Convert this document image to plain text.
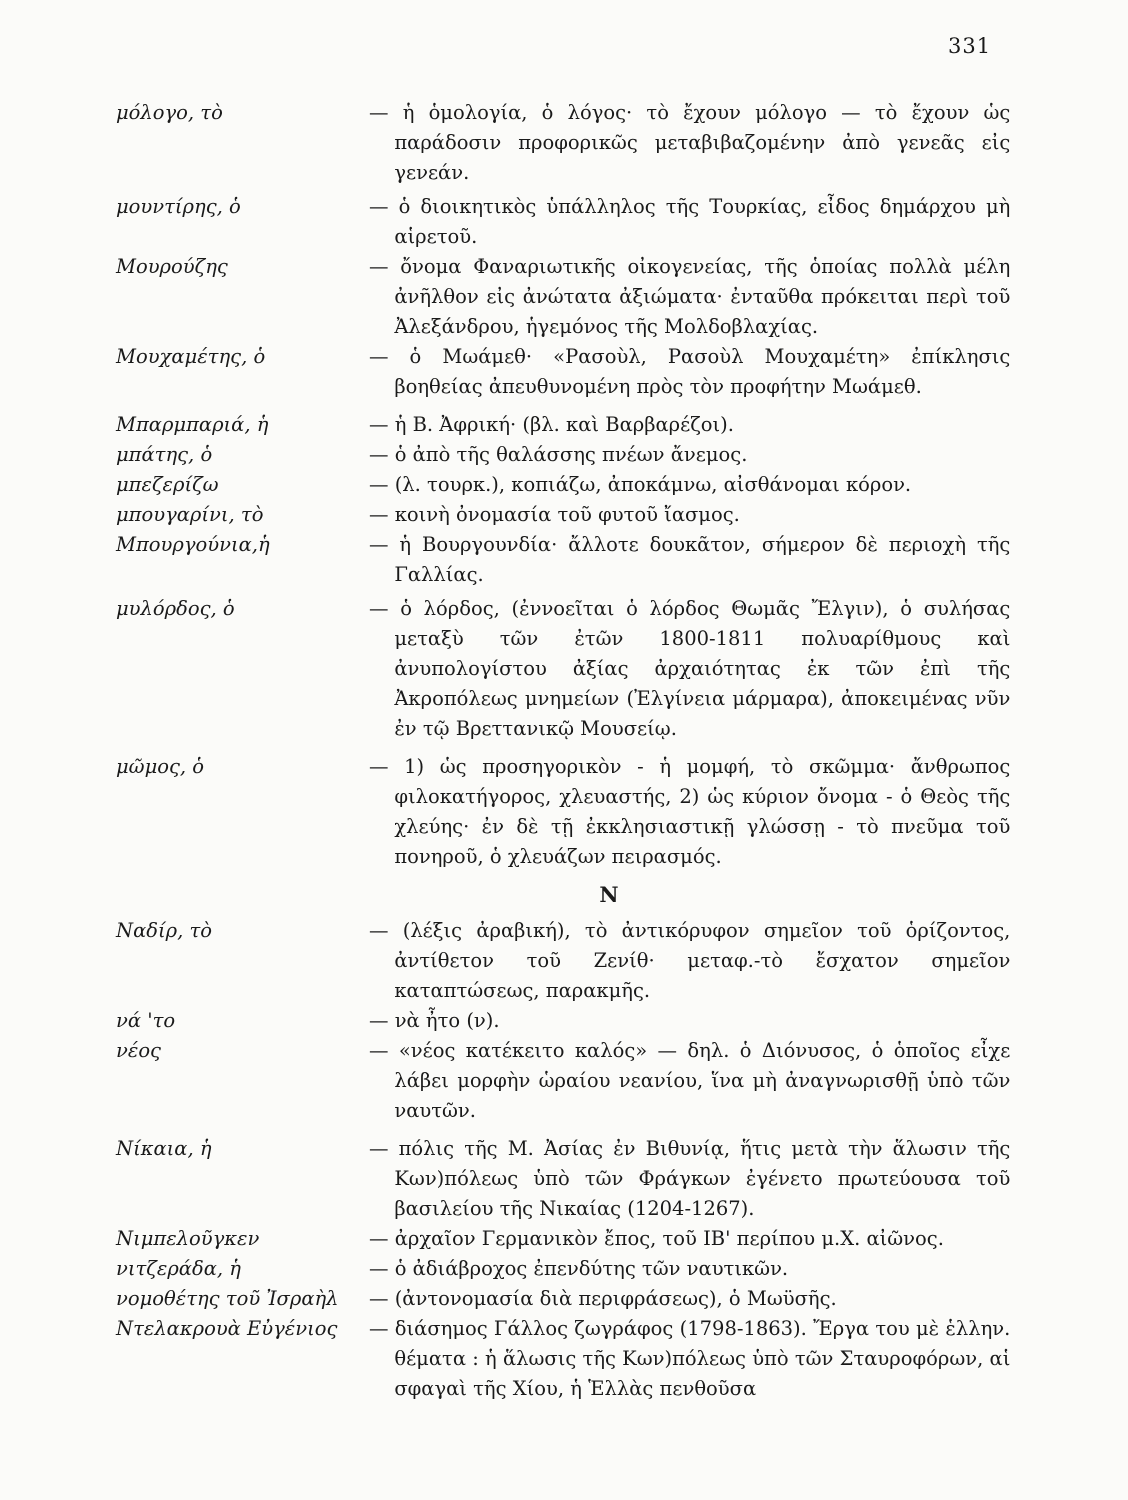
331
μόλογο, τὸ	— ἡ ὁμολογία, ὁ λόγος· τὸ ἔχουν μόλογο — τὸ ἔχουν ὡς παράδοσιν προφορικῶς μεταβιβαζομένην ἀπὸ γενεᾶς εἰς γενεάν.
μουντίρης, ὁ	— ὁ διοικητικὸς ὑπάλληλος τῆς Τουρκίας, εἶδος δημάρχου μὴ αἱρετοῦ.
Μουρούζης	— ὄνομα Φαναριωτικῆς οἰκογενείας, τῆς ὁποίας πολλὰ μέλη ἀνῆλθον εἰς ἀνώτατα ἀξιώματα· ἐνταῦθα πρόκειται περὶ τοῦ Ἀλεξάνδρου, ἡγεμόνος τῆς Μολδοβλαχίας.
Μουχαμέτης, ὁ	— ὁ Μωάμεθ· «Ρασοὺλ, Ρασοὺλ Μουχαμέτη» ἐπίκλησις βοηθείας ἀπευθυνομένη πρὸς τὸν προφήτην Μωάμεθ.
Μπαρμπαριά, ἡ	— ἡ Β. Ἀφρική· (βλ. καὶ Βαρβαρέζοι).
μπάτης, ὁ	— ὁ ἀπὸ τῆς θαλάσσης πνέων ἄνεμος.
μπεζερίζω	— (λ. τουρκ.), κοπιάζω, ἀποκάμνω, αἰσθάνομαι κόρον.
μπουγαρίνι, τὸ	— κοινὴ ὀνομασία τοῦ φυτοῦ ἴασμος.
Μπουργούνια,ἡ	— ἡ Βουργουνδία· ἄλλοτε δουκᾶτον, σήμερον δὲ περιοχὴ τῆς Γαλλίας.
μυλόρδος, ὁ	— ὁ λόρδος, (ἐννοεῖται ὁ λόρδος Θωμᾶς Ἔλγιν), ὁ συλήσας μεταξὺ τῶν ἐτῶν 1800-1811 πολυαρίθμους καὶ ἀνυπολογίστου ἀξίας ἀρχαιότητας ἐκ τῶν ἐπὶ τῆς Ἀκροπόλεως μνημείων (Ἐλγίνεια μάρμαρα), ἀποκειμένας νῦν ἐν τῷ Βρεττανικῷ Μουσείῳ.
μῶμος, ὁ	— 1) ὡς προσηγορικὸν - ἡ μομφή, τὸ σκῶμμα· ἄνθρωπος φιλοκατήγορος, χλευαστής, 2) ὡς κύριον ὄνομα - ὁ Θεὸς τῆς χλεύης· ἐν δὲ τῇ ἐκκλησιαστικῇ γλώσσῃ - τὸ πνεῦμα τοῦ πονηροῦ, ὁ χλευάζων πειρασμός.
Ν
Ναδίρ, τὸ	— (λέξις ἀραβική), τὸ ἀντικόρυφον σημεῖον τοῦ ὁρίζοντος, ἀντίθετον τοῦ Ζενίθ· μεταφ.-τὸ ἔσχατον σημεῖον καταπτώσεως, παρακμῆς.
νά 'το	— νὰ ἦτο (ν).
νέος	— «νέος κατέκειτο καλός» — δηλ. ὁ Διόνυσος, ὁ ὁποῖος εἶχε λάβει μορφὴν ὡραίου νεανίου, ἵνα μὴ ἀναγνωρισθῇ ὑπὸ τῶν ναυτῶν.
Νίκαια, ἡ	— πόλις τῆς Μ. Ἀσίας ἐν Βιθυνίᾳ, ἥτις μετὰ τὴν ἅλωσιν τῆς Κων)πόλεως ὑπὸ τῶν Φράγκων ἐγένετο πρωτεύουσα τοῦ βασιλείου τῆς Νικαίας (1204-1267).
Νιμπελοῦγκεν	— ἀρχαῖον Γερμανικὸν ἔπος, τοῦ ΙΒ' περίπου μ.Χ. αἰῶνος.
νιτζεράδα, ἡ	— ὁ ἀδιάβροχος ἐπενδύτης τῶν ναυτικῶν.
νομοθέτης τοῦ Ἰσραὴλ	— (ἀντονομασία διὰ περιφράσεως), ὁ Μωϋσῆς.
Ντελακρουὰ Εὐγένιος	— διάσημος Γάλλος ζωγράφος (1798-1863). Ἔργα του μὲ ἑλλην. θέματα : ἡ ἅλωσις τῆς Κων)πόλεως ὑπὸ τῶν Σταυροφόρων, αἱ σφαγαὶ τῆς Χίου, ἡ Ἑλλὰς πενθοῦσα
